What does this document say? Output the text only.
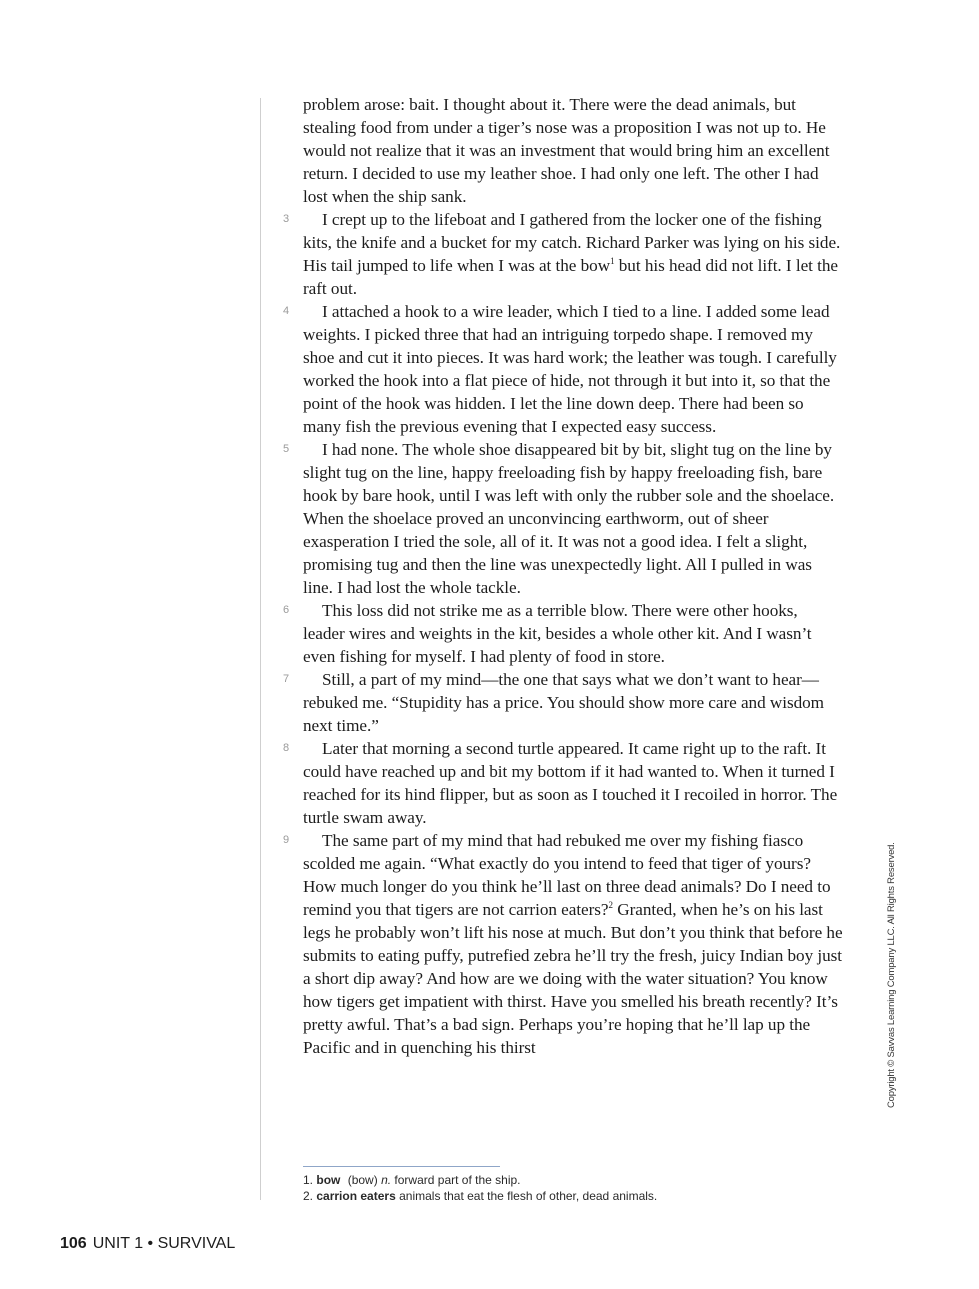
problem arose: bait. I thought about it. There were the dead animals, but stealing food from under a tiger’s nose was a proposition I was not up to. He would not realize that it was an investment that would bring him an excellent return. I decided to use my leather shoe. I had only one left. The other I had lost when the ship sank.

3	I crept up to the lifeboat and I gathered from the locker one of the fishing kits, the knife and a bucket for my catch. Richard Parker was lying on his side. His tail jumped to life when I was at the bow$^1$ but his head did not lift. I let the raft out.

4	I attached a hook to a wire leader, which I tied to a line. I added some lead weights. I picked three that had an intriguing torpedo shape. I removed my shoe and cut it into pieces. It was hard work; the leather was tough. I carefully worked the hook into a flat piece of hide, not through it but into it, so that the point of the hook was hidden. I let the line down deep. There had been so many fish the previous evening that I expected easy success.

5	I had none. The whole shoe disappeared bit by bit, slight tug on the line by slight tug on the line, happy freeloading fish by happy freeloading fish, bare hook by bare hook, until I was left with only the rubber sole and the shoelace. When the shoelace proved an unconvincing earthworm, out of sheer exasperation I tried the sole, all of it. It was not a good idea. I felt a slight, promising tug and then the line was unexpectedly light. All I pulled in was line. I had lost the whole tackle.

6	This loss did not strike me as a terrible blow. There were other hooks, leader wires and weights in the kit, besides a whole other kit. And I wasn’t even fishing for myself. I had plenty of food in store.

7	Still, a part of my mind—the one that says what we don’t want to hear—rebuked me. “Stupidity has a price. You should show more care and wisdom next time.”

8	Later that morning a second turtle appeared. It came right up to the raft. It could have reached up and bit my bottom if it had wanted to. When it turned I reached for its hind flipper, but as soon as I touched it I recoiled in horror. The turtle swam away.

9	The same part of my mind that had rebuked me over my fishing fiasco scolded me again. “What exactly do you intend to feed that tiger of yours? How much longer do you think he’ll last on three dead animals? Do I need to remind you that tigers are not carrion eaters?$^2$ Granted, when he’s on his last legs he probably won’t lift his nose at much. But don’t you think that before he submits to eating puffy, putrefied zebra he’ll try the fresh, juicy Indian boy just a short dip away? And how are we doing with the water situation? You know how tigers get impatient with thirst. Have you smelled his breath recently? It’s pretty awful. That’s a bad sign. Perhaps you’re hoping that he’ll lap up the Pacific and in quenching his thirst

1. bow (bow) n. forward part of the ship.
2. carrion eaters animals that eat the flesh of other, dead animals.
Copyright © Savvas Learning Company LLC. All Rights Reserved.
106 UNIT 1 • SURVIVAL
